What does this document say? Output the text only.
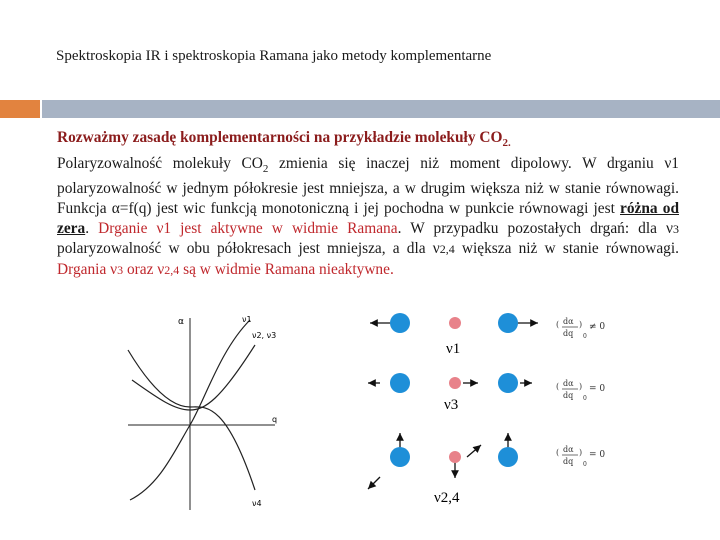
Spektroskopia IR i spektroskopia Ramana jako metody komplementarne
Rozważmy zasadę komplementarności na przykładzie molekuły $CO_{2.}$
Polaryzowalność molekuły $CO_2$ zmienia się inaczej niż moment dipolowy. W drganiu ν1 polaryzowalność w jednym półokresie jest mniejsza, a w drugim większa niż w stanie równowagi. Funkcja α=f(q) jest wic funkcją monotoniczną i jej pochodna w punkcie równowagi jest różna od zera. Drganie ν1 jest aktywne w widmie Ramana. W przypadku pozostałych drgań: dla ν3 polaryzowalność w obu półokresach jest mniejsza, a dla ν2,4 większa niż w stanie równowagi. Drgania ν3 oraz ν2,4 są w widmie Ramana nieaktywne.
α
q
ν1
ν2, ν3
ν4
ν1
ν3
ν2,4
( dα
dq
)
0
≠ 0
( dα
dq
)
0
= 0
( dα
dq
)
0
= 0
